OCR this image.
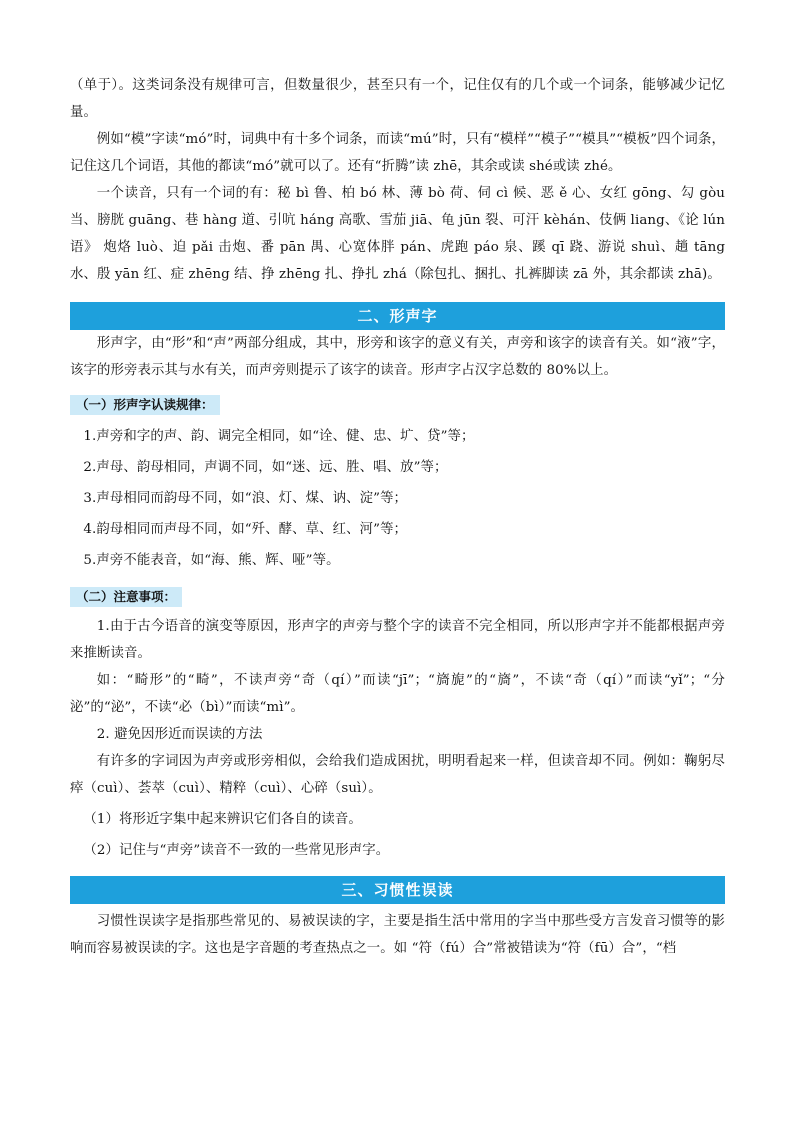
（单于）。这类词条没有规律可言，但数量很少，甚至只有一个，记住仅有的几个或一个词条，能够减少记忆量。

例如“模”字读“mó”时，词典中有十多个词条，而读“mú”时，只有“模样”“模子”“模具”“模板”四个词条，记住这几个词语，其他的都读“mó”就可以了。还有“折腾”读 zhē，其余或读 shé或读 zhé。

一个读音，只有一个词的有：秘 bì 鲁、柏 bó 林、薄 bò 荷、伺 cì 候、恶 ě 心、女红 gōng、勾 gòu 当、膀胱 guāng、巷 hàng 道、引吭 háng 高歌、雪茄 jiā、龟 jūn 裂、可汗 kèhán、伎俩 liang、《论 lún 语》 炮烙 luò、迫 pǎi 击炮、番 pān 禺、心宽体胖 pán、虎跑 páo 泉、蹊 qī 跷、游说 shuì、趟 tāng 水、殷 yān 红、症 zhēng 结、挣 zhēng 扎、挣扎 zhá（除包扎、捆扎、扎裤脚读 zā 外，其余都读 zhā)。

二、形声字

形声字，由“形”和“声”两部分组成，其中，形旁和该字的意义有关，声旁和该字的读音有关。如“液”字，该字的形旁表示其与水有关，而声旁则提示了该字的读音。形声字占汉字总数的 80%以上。

（一）形声字认读规律：

1.声旁和字的声、韵、调完全相同，如“诠、健、忠、圹、贷”等；

2.声母、韵母相同，声调不同，如“迷、远、胜、唱、放”等；

3.声母相同而韵母不同，如“浪、灯、煤、讷、淀”等；

4.韵母相同而声母不同，如“歼、酵、草、红、河”等；

5.声旁不能表音，如“海、熊、辉、哑”等。

（二）注意事项：

1.由于古今语音的演变等原因，形声字的声旁与整个字的读音不完全相同，所以形声字并不能都根据声旁来推断读音。

如：“畸形”的“畸”，不读声旁“奇（qí）”而读“jī”；“旖旎”的“旖”，不读“奇（qí）”而读“yǐ”；“分泌”的“泌”，不读“必（bì）”而读“mì”。

2. 避免因形近而误读的方法

有许多的字词因为声旁或形旁相似，会给我们造成困扰，明明看起来一样，但读音却不同。例如：鞠躬尽瘁（cuì）、荟萃（cuì）、精粹（cuì）、心碎（suì）。

（1）将形近字集中起来辨识它们各自的读音。

（2）记住与“声旁”读音不一致的一些常见形声字。

三、习惯性误读

习惯性误读字是指那些常见的、易被误读的字，主要是指生活中常用的字当中那些受方言发音习惯等的影响而容易被误读的字。这也是字音题的考查热点之一。如 “符（fú）合”常被错读为“符（fū）合”，“档
